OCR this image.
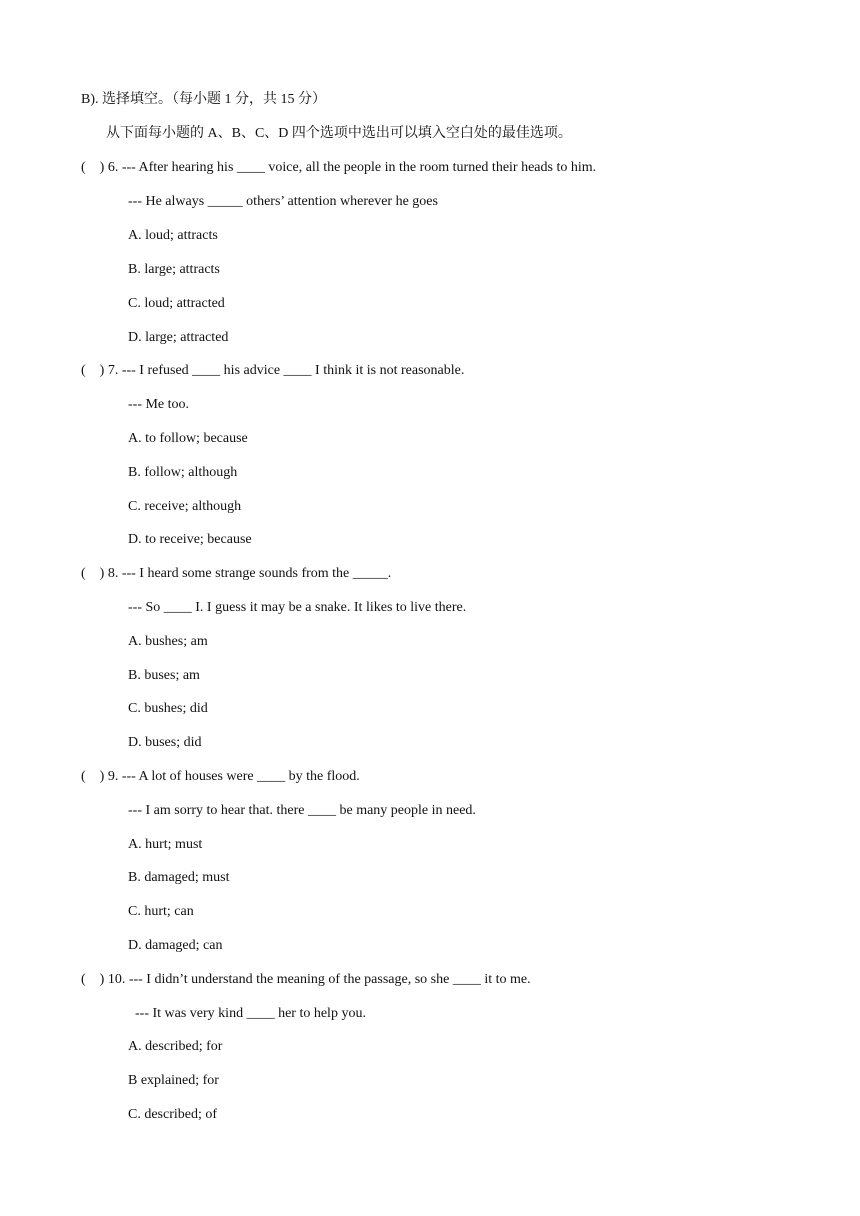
B). 选择填空。（每小题 1 分，共 15 分）
从下面每小题的 A、B、C、D 四个选项中选出可以填入空白处的最佳选项。
(    ) 6. --- After hearing his ____ voice, all the people in the room turned their heads to him.
--- He always _____ others’ attention wherever he goes
A. loud; attracts
B. large; attracts
C. loud; attracted
D. large; attracted
(    ) 7. --- I refused ____ his advice ____ I think it is not reasonable.
--- Me too.
A. to follow; because
B. follow; although
C. receive; although
D. to receive; because
(    ) 8. --- I heard some strange sounds from the _____.
--- So ____ I. I guess it may be a snake. It likes to live there.
A. bushes; am
B. buses; am
C. bushes; did
D. buses; did
(    ) 9. --- A lot of houses were ____ by the flood.
--- I am sorry to hear that. there ____ be many people in need.
A. hurt; must
B. damaged; must
C. hurt; can
D. damaged; can
(    ) 10. --- I didn’t understand the meaning of the passage, so she ____ it to me.
--- It was very kind ____ her to help you.
A. described; for
B explained; for
C. described; of
